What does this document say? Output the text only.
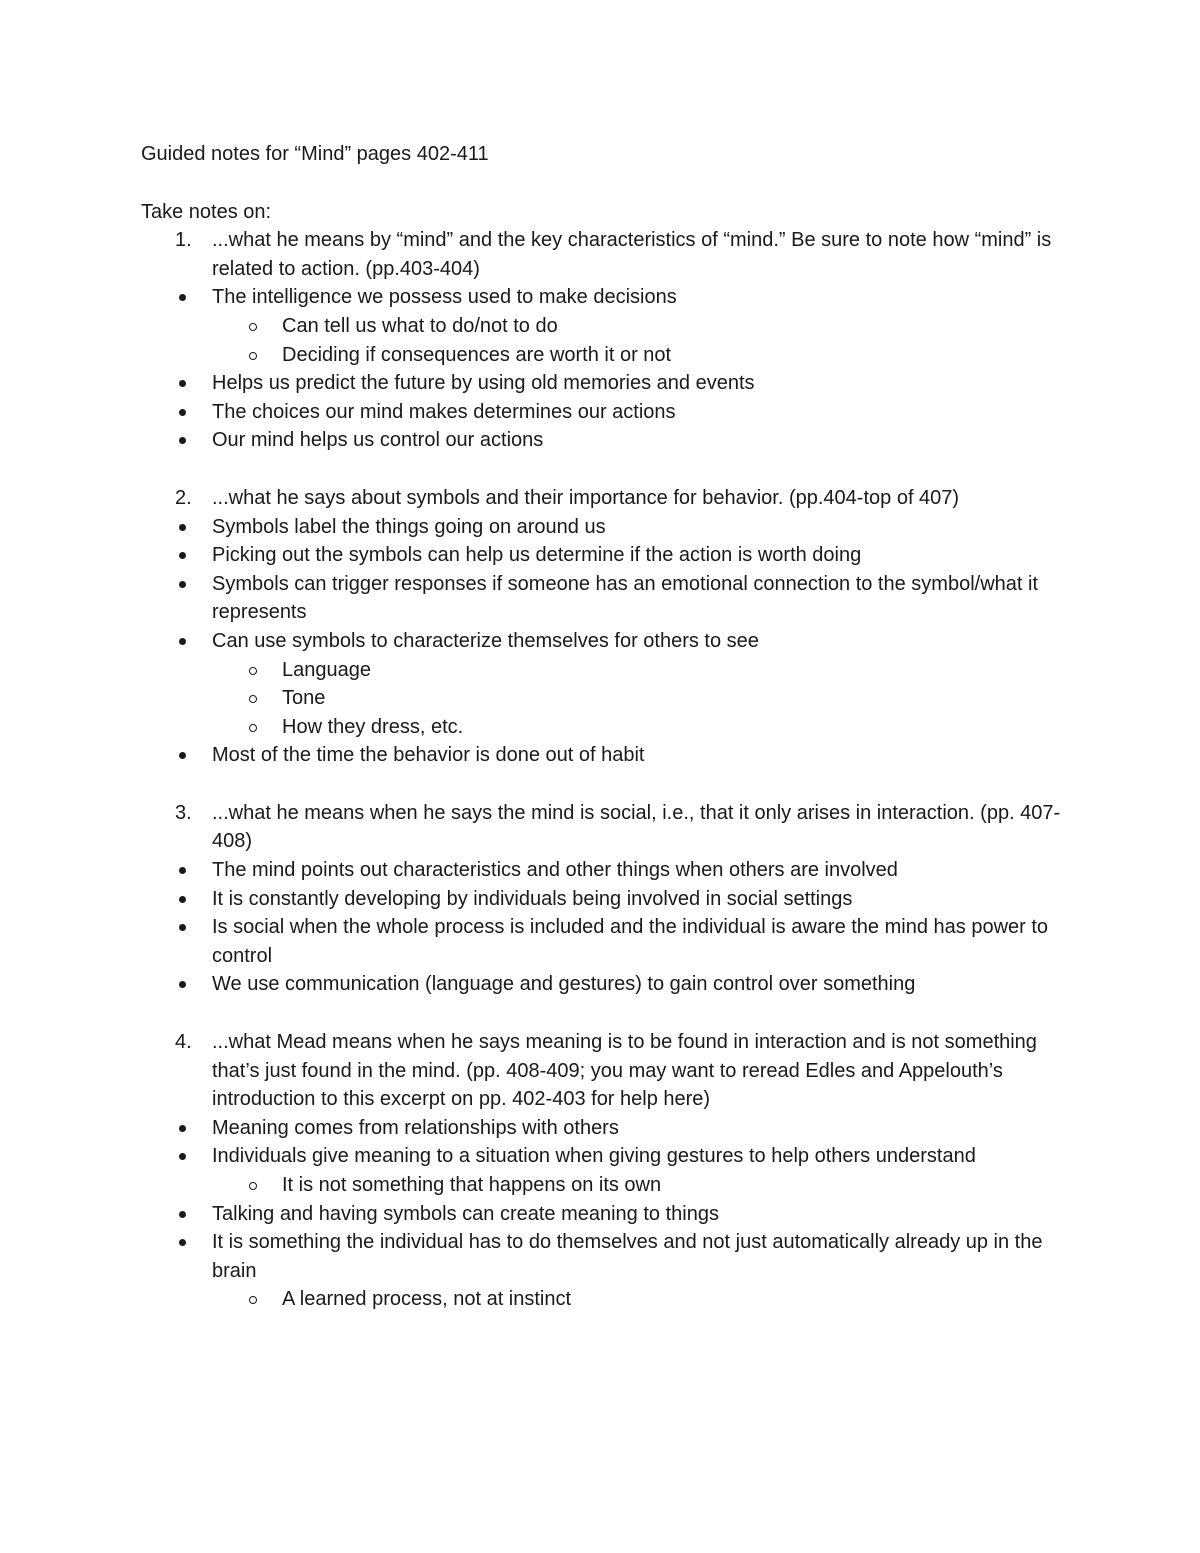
Guided notes for “Mind” pages 402-411
Take notes on:
1.	...what he means by “mind” and the key characteristics of “mind.” Be sure to note how “mind” is related to action. (pp.403-404)
The intelligence we possess used to make decisions
Can tell us what to do/not to do
Deciding if consequences are worth it or not
Helps us predict the future by using old memories and events
The choices our mind makes determines our actions
Our mind helps us control our actions
2.	...what he says about symbols and their importance for behavior. (pp.404-top of 407)
Symbols label the things going on around us
Picking out the symbols can help us determine if the action is worth doing
Symbols can trigger responses if someone has an emotional connection to the symbol/what it represents
Can use symbols to characterize themselves for others to see
Language
Tone
How they dress, etc.
Most of the time the behavior is done out of habit
3.	...what he means when he says the mind is social, i.e., that it only arises in interaction. (pp. 407-408)
The mind points out characteristics and other things when others are involved
It is constantly developing by individuals being involved in social settings
Is social when the whole process is included and the individual is aware the mind has power to control
We use communication (language and gestures) to gain control over something
4.	...what Mead means when he says meaning is to be found in interaction and is not something that’s just found in the mind. (pp. 408-409; you may want to reread Edles and Appelouth’s introduction to this excerpt on pp. 402-403 for help here)
Meaning comes from relationships with others
Individuals give meaning to a situation when giving gestures to help others understand
It is not something that happens on its own
Talking and having symbols can create meaning to things
It is something the individual has to do themselves and not just automatically already up in the brain
A learned process, not at instinct
